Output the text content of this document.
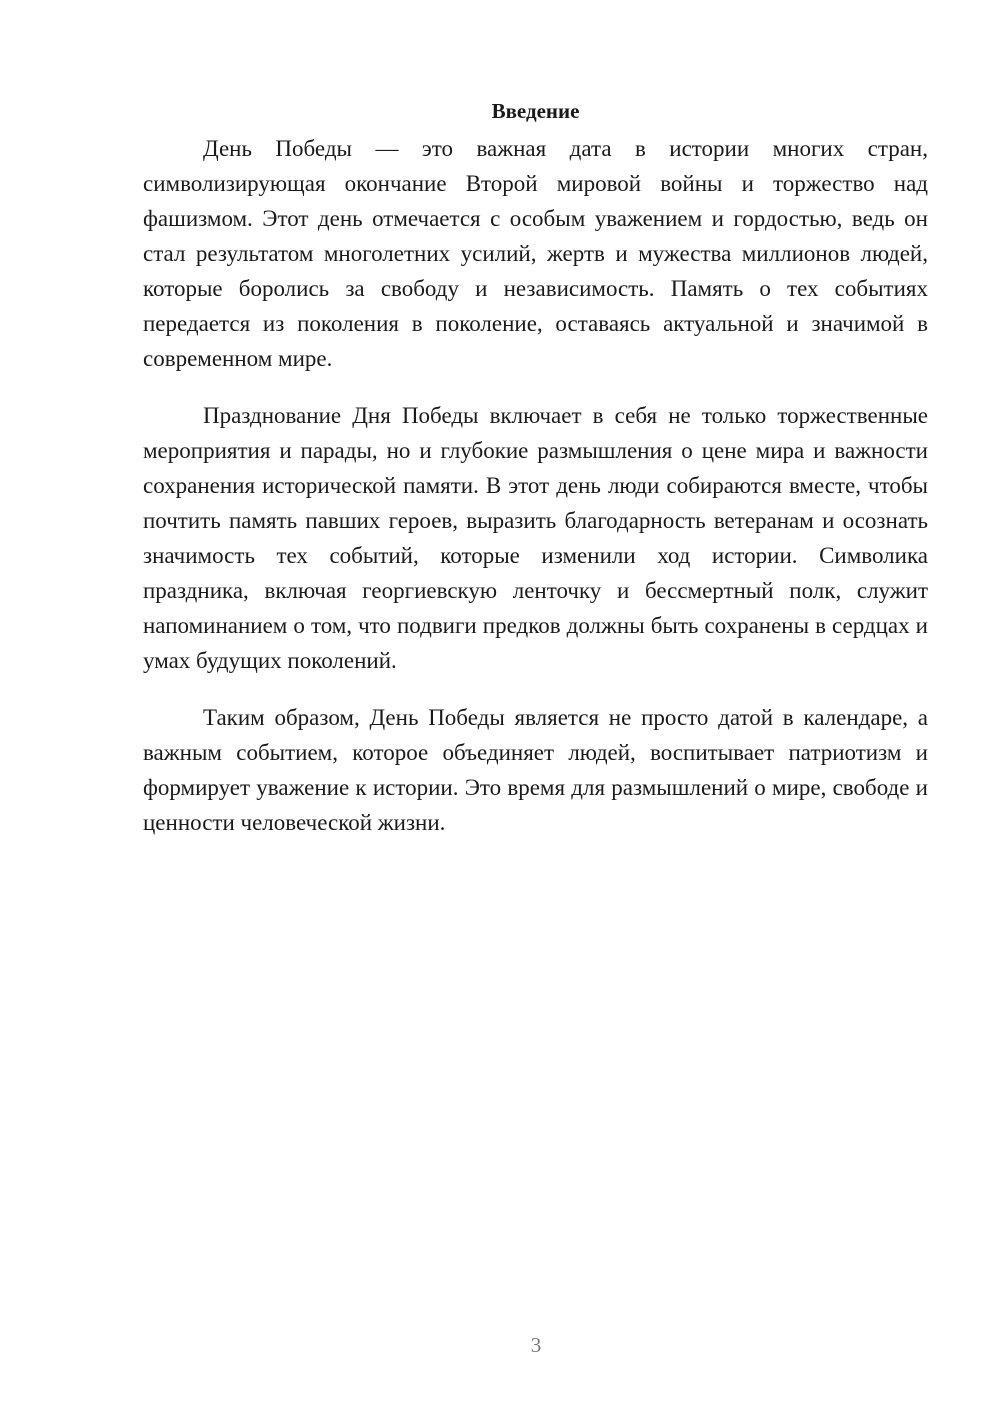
Введение

День Победы — это важная дата в истории многих стран, символизирующая окончание Второй мировой войны и торжество над фашизмом. Этот день отмечается с особым уважением и гордостью, ведь он стал результатом многолетних усилий, жертв и мужества миллионов людей, которые боролись за свободу и независимость. Память о тех событиях передается из поколения в поколение, оставаясь актуальной и значимой в современном мире.

Празднование Дня Победы включает в себя не только торжественные мероприятия и парады, но и глубокие размышления о цене мира и важности сохранения исторической памяти. В этот день люди собираются вместе, чтобы почтить память павших героев, выразить благодарность ветеранам и осознать значимость тех событий, которые изменили ход истории. Символика праздника, включая георгиевскую ленточку и бессмертный полк, служит напоминанием о том, что подвиги предков должны быть сохранены в сердцах и умах будущих поколений.

Таким образом, День Победы является не просто датой в календаре, а важным событием, которое объединяет людей, воспитывает патриотизм и формирует уважение к истории. Это время для размышлений о мире, свободе и ценности человеческой жизни.

3
